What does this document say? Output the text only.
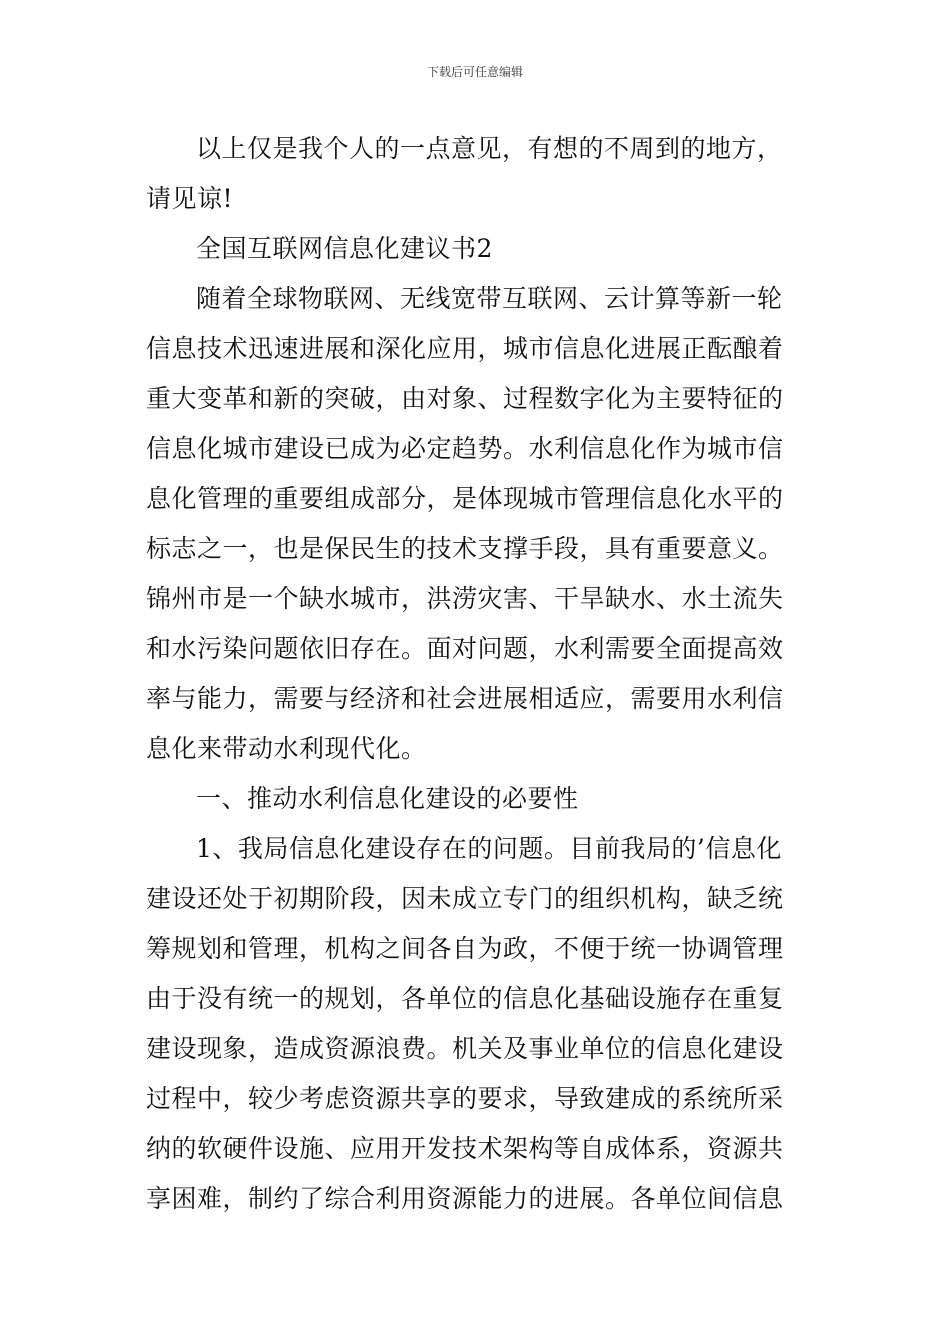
下载后可任意编辑
以上仅是我个人的一点意见，有想的不周到的地方，
请见谅!
全国互联网信息化建议书2
随着全球物联网、无线宽带互联网、云计算等新一轮
信息技术迅速进展和深化应用，城市信息化进展正酝酿着
重大变革和新的突破，由对象、过程数字化为主要特征的
信息化城市建设已成为必定趋势。水利信息化作为城市信
息化管理的重要组成部分，是体现城市管理信息化水平的
标志之一，也是保民生的技术支撑手段，具有重要意义。
锦州市是一个缺水城市，洪涝灾害、干旱缺水、水土流失
和水污染问题依旧存在。面对问题，水利需要全面提高效
率与能力，需要与经济和社会进展相适应，需要用水利信
息化来带动水利现代化。
一、推动水利信息化建设的必要性
1、我局信息化建设存在的问题。目前我局的’信息化
建设还处于初期阶段，因未成立专门的组织机构，缺乏统
筹规划和管理，机构之间各自为政，不便于统一协调管理
由于没有统一的规划，各单位的信息化基础设施存在重复
建设现象，造成资源浪费。机关及事业单位的信息化建设
过程中，较少考虑资源共享的要求，导致建成的系统所采
纳的软硬件设施、应用开发技术架构等自成体系，资源共
享困难，制约了综合利用资源能力的进展。各单位间信息
